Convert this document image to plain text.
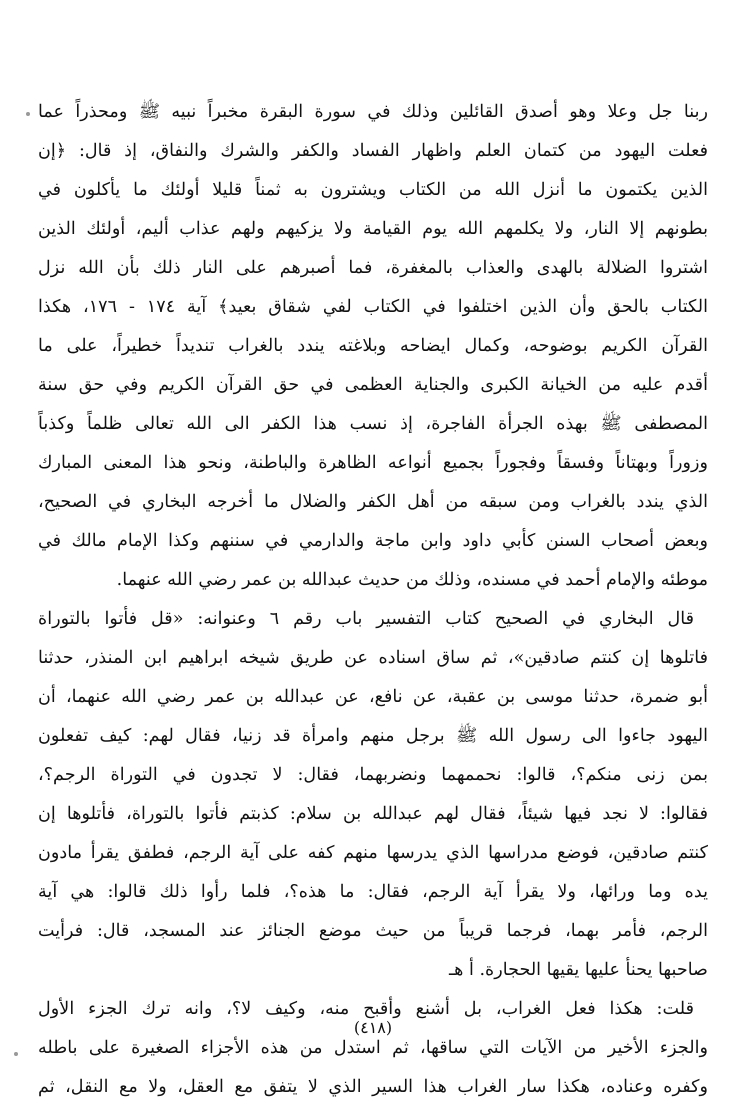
ربنا جل وعلا وهو أصدق القائلين وذلك في سورة البقرة مخبراً نبيه ﷺ ومحذراً عما
فعلت اليهود من كتمان العلم واظهار الفساد والكفر والشرك والنفاق، إذ قال: ﴿إن
الذين يكتمون ما أنزل الله من الكتاب ويشترون به ثمناً قليلا أولئك ما يأكلون في
بطونهم إلا النار، ولا يكلمهم الله يوم القيامة ولا يزكيهم ولهم عذاب أليم، أولئك الذين
اشتروا الضلالة بالهدى والعذاب بالمغفرة، فما أصبرهم على النار ذلك بأن الله نزل
الكتاب بالحق وأن الذين اختلفوا في الكتاب لفي شقاق بعيد﴾ آية ١٧٤ - ١٧٦، هكذا
القرآن الكريم بوضوحه، وكمال ايضاحه وبلاغته يندد بالغراب تنديداً خطيراً، على ما
أقدم عليه من الخيانة الكبرى والجناية العظمى في حق القرآن الكريم وفي حق سنة
المصطفى ﷺ بهذه الجرأة الفاجرة، إذ نسب هذا الكفر الى الله تعالى ظلماً وكذباً
وزوراً وبهتاناً وفسقاً وفجوراً بجميع أنواعه الظاهرة والباطنة، ونحو هذا المعنى المبارك
الذي يندد بالغراب ومن سبقه من أهل الكفر والضلال ما أخرجه البخاري في الصحيح،
وبعض أصحاب السنن كأبي داود وابن ماجة والدارمي في سننهم وكذا الإمام مالك في
موطئه والإمام أحمد في مسنده، وذلك من حديث عبدالله بن عمر رضي الله عنهما.
قال البخاري في الصحيح كتاب التفسير باب رقم ٦ وعنوانه: «قل فأتوا بالتوراة
فاتلوها إن كنتم صادقين»، ثم ساق اسناده عن طريق شيخه ابراهيم ابن المنذر، حدثنا
أبو ضمرة، حدثنا موسى بن عقبة، عن نافع، عن عبدالله بن عمر رضي الله عنهما، أن
اليهود جاءوا الى رسول الله ﷺ برجل منهم وامرأة قد زنيا، فقال لهم: كيف تفعلون
بمن زنى منكم؟، قالوا: نحممهما ونضربهما، فقال: لا تجدون في التوراة الرجم؟،
فقالوا: لا نجد فيها شيئاً، فقال لهم عبدالله بن سلام: كذبتم فأتوا بالتوراة، فأتلوها إن
كنتم صادقين، فوضع مدراسها الذي يدرسها منهم كفه على آية الرجم، فطفق يقرأ مادون
يده وما ورائها، ولا يقرأ آية الرجم، فقال: ما هذه؟، فلما رأوا ذلك قالوا: هي آية
الرجم، فأمر بهما، فرجما قريباً من حيث موضع الجنائز عند المسجد، قال: فرأيت
صاحبها يحنأ عليها يقيها الحجارة. أ هـ
قلت: هكذا فعل الغراب، بل أشنع وأقبح منه، وكيف لا؟، وانه ترك الجزء الأول
والجزء الأخير من الآيات التي ساقها، ثم استدل من هذه الأجزاء الصغيرة على باطله
وكفره وعناده، هكذا سار الغراب هذا السير الذي لا يتفق مع العقل، ولا مع النقل، ثم
(٤١٨)
